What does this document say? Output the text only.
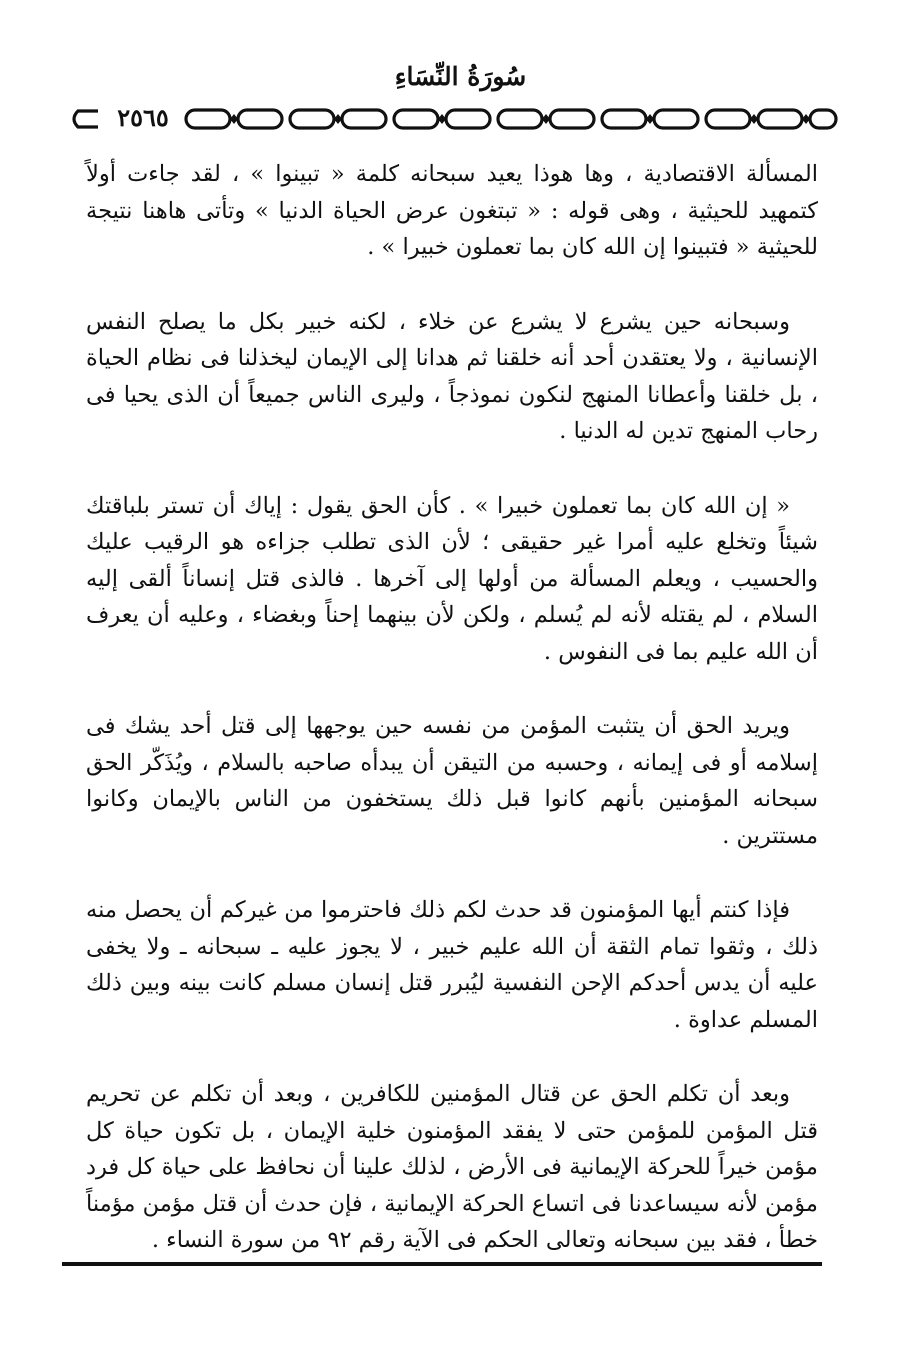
سُورَةُ النِّسَاءِ
٢٥٦٥

المسألة الاقتصادية ، وها هوذا يعيد سبحانه كلمة « تبينوا » ، لقد جاءت أولاً كتمهيد للحيثية ، وهى قوله : « تبتغون عرض الحياة الدنيا » وتأتى هاهنا نتيجة للحيثية « فتبينوا إن الله كان بما تعملون خبيرا » .

وسبحانه حين يشرع لا يشرع عن خلاء ، لكنه خبير بكل ما يصلح النفس الإنسانية ، ولا يعتقدن أحد أنه خلقنا ثم هدانا إلى الإيمان ليخذلنا فى نظام الحياة ، بل خلقنا وأعطانا المنهج لنكون نموذجاً ، وليرى الناس جميعاً أن الذى يحيا فى رحاب المنهج تدين له الدنيا .

« إن الله كان بما تعملون خبيرا » . كأن الحق يقول : إياك أن تستر بلباقتك شيئاً وتخلع عليه أمرا غير حقيقى ؛ لأن الذى تطلب جزاءه هو الرقيب عليك والحسيب ، ويعلم المسألة من أولها إلى آخرها . فالذى قتل إنساناً ألقى إليه السلام ، لم يقتله لأنه لم يُسلم ، ولكن لأن بينهما إحناً وبغضاء ، وعليه أن يعرف أن الله عليم بما فى النفوس .

ويريد الحق أن يتثبت المؤمن من نفسه حين يوجهها إلى قتل أحد يشك فى إسلامه أو فى إيمانه ، وحسبه من التيقن أن يبدأه صاحبه بالسلام ، ويُذَكّر الحق سبحانه المؤمنين بأنهم كانوا قبل ذلك يستخفون من الناس بالإيمان وكانوا مستترين .

فإذا كنتم أيها المؤمنون قد حدث لكم ذلك فاحترموا من غيركم أن يحصل منه ذلك ، وثقوا تمام الثقة أن الله عليم خبير ، لا يجوز عليه ـ سبحانه ـ ولا يخفى عليه أن يدس أحدكم الإحن النفسية ليُبرر قتل إنسان مسلم كانت بينه وبين ذلك المسلم عداوة .

وبعد أن تكلم الحق عن قتال المؤمنين للكافرين ، وبعد أن تكلم عن تحريم قتل المؤمن للمؤمن حتى لا يفقد المؤمنون خلية الإيمان ، بل تكون حياة كل مؤمن خيراً للحركة الإيمانية فى الأرض ، لذلك علينا أن نحافظ على حياة كل فرد مؤمن لأنه سيساعدنا فى اتساع الحركة الإيمانية ، فإن حدث أن قتل مؤمن مؤمناً خطأ ، فقد بين سبحانه وتعالى الحكم فى الآية رقم ٩٢ من سورة النساء .
